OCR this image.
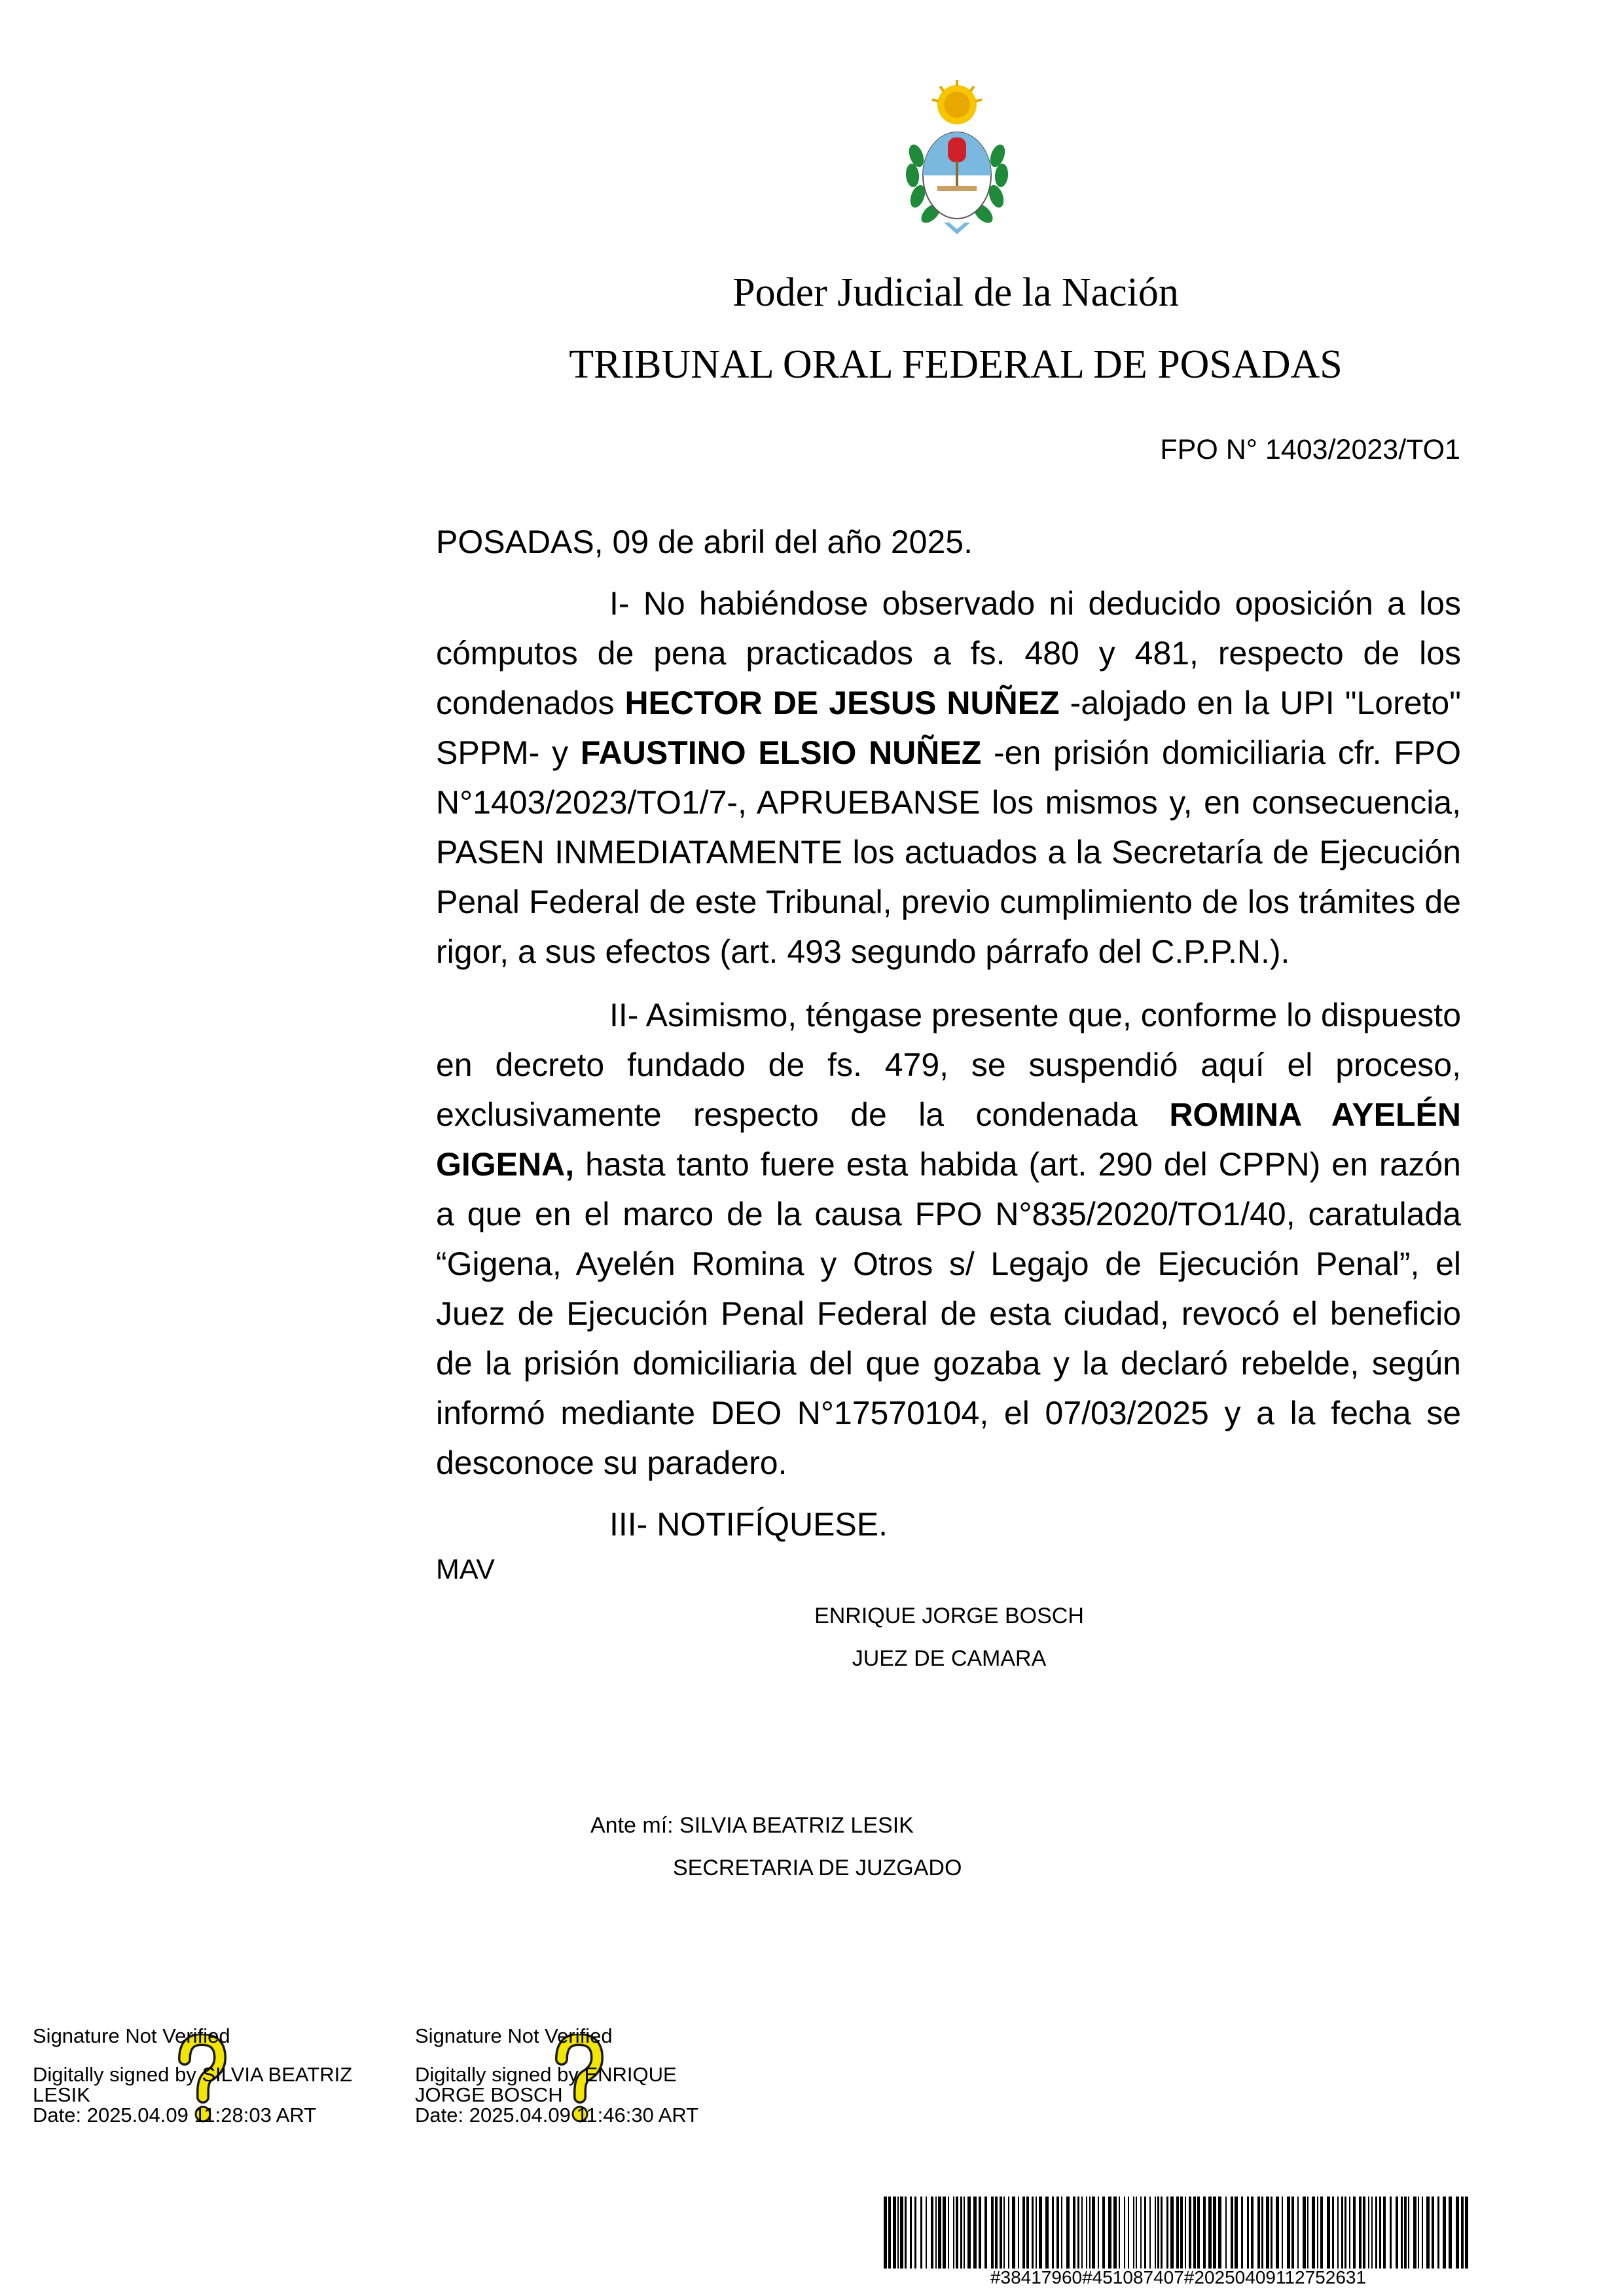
Poder Judicial de la Nación
TRIBUNAL ORAL FEDERAL DE POSADAS
FPO N° 1403/2023/TO1

POSADAS, 09 de abril del año 2025.

I- No habiéndose observado ni deducido oposición a los cómputos de pena practicados a fs. 480 y 481, respecto de los condenados HECTOR DE JESUS NUÑEZ -alojado en la UPI "Loreto" SPPM- y FAUSTINO ELSIO NUÑEZ -en prisión domiciliaria cfr. FPO N°1403/2023/TO1/7-, APRUEBANSE los mismos y, en consecuencia, PASEN INMEDIATAMENTE los actuados a la Secretaría de Ejecución Penal Federal de este Tribunal, previo cumplimiento de los trámites de rigor, a sus efectos (art. 493 segundo párrafo del C.P.P.N.).

II- Asimismo, téngase presente que, conforme lo dispuesto en decreto fundado de fs. 479, se suspendió aquí el proceso, exclusivamente respecto de la condenada ROMINA AYELÉN GIGENA, hasta tanto fuere esta habida (art. 290 del CPPN) en razón a que en el marco de la causa FPO N°835/2020/TO1/40, caratulada “Gigena, Ayelén Romina y Otros s/ Legajo de Ejecución Penal”, el Juez de Ejecución Penal Federal de esta ciudad, revocó el beneficio de la prisión domiciliaria del que gozaba y la declaró rebelde, según informó mediante DEO N°17570104, el 07/03/2025 y a la fecha se desconoce su paradero.

III- NOTIFÍQUESE.

MAV
ENRIQUE JORGE BOSCH
JUEZ DE CAMARA
Ante mí: SILVIA BEATRIZ LESIK
SECRETARIA DE JUZGADO
Signature Not Verified
Digitally signed by SILVIA BEATRIZ
LESIK
Date: 2025.04.09 11:28:03 ART
Signature Not Verified
Digitally signed by ENRIQUE
JORGE BOSCH
Date: 2025.04.09 11:46:30 ART
#38417960#451087407#20250409112752631
